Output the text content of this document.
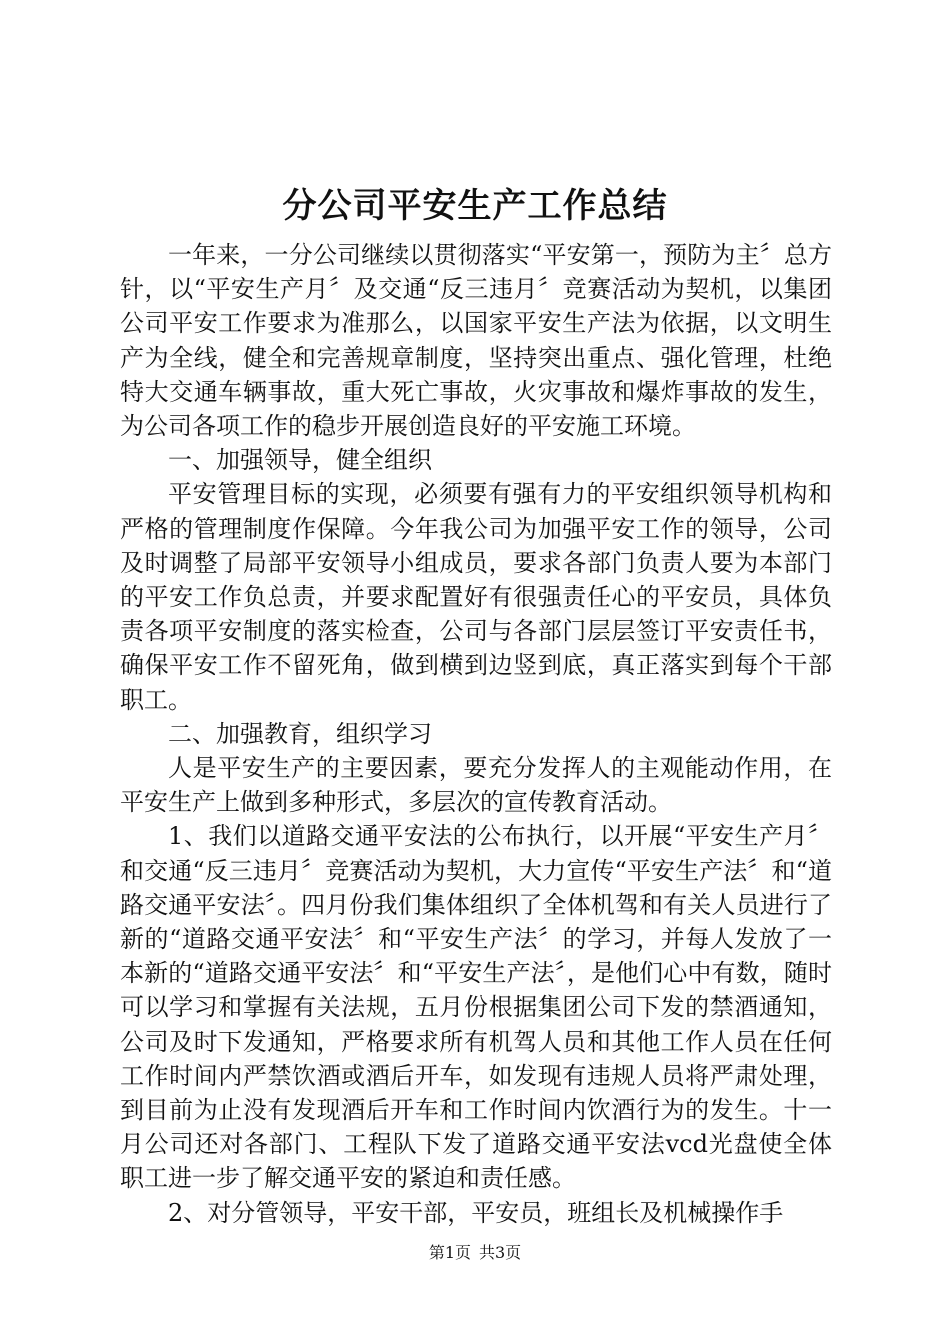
分公司平安生产工作总结

一年来，一分公司继续以贯彻落实“平安第一，预防为主〞总方针，以“平安生产月〞及交通“反三违月〞竞赛活动为契机，以集团公司平安工作要求为准那么，以国家平安生产法为依据，以文明生产为全线，健全和完善规章制度，坚持突出重点、强化管理，杜绝特大交通车辆事故，重大死亡事故，火灾事故和爆炸事故的发生，为公司各项工作的稳步开展创造良好的平安施工环境。

一、加强领导，健全组织

平安管理目标的实现，必须要有强有力的平安组织领导机构和严格的管理制度作保障。今年我公司为加强平安工作的领导，公司及时调整了局部平安领导小组成员，要求各部门负责人要为本部门的平安工作负总责，并要求配置好有很强责任心的平安员，具体负责各项平安制度的落实检查，公司与各部门层层签订平安责任书，确保平安工作不留死角，做到横到边竖到底，真正落实到每个干部职工。

二、加强教育，组织学习

人是平安生产的主要因素，要充分发挥人的主观能动作用，在平安生产上做到多种形式，多层次的宣传教育活动。

1、我们以道路交通平安法的公布执行，以开展“平安生产月〞和交通“反三违月〞竞赛活动为契机，大力宣传“平安生产法〞和“道路交通平安法〞。四月份我们集体组织了全体机驾和有关人员进行了新的“道路交通平安法〞和“平安生产法〞的学习，并每人发放了一本新的“道路交通平安法〞和“平安生产法〞，是他们心中有数，随时可以学习和掌握有关法规，五月份根据集团公司下发的禁酒通知，公司及时下发通知，严格要求所有机驾人员和其他工作人员在任何工作时间内严禁饮酒或酒后开车，如发现有违规人员将严肃处理，到目前为止没有发现酒后开车和工作时间内饮酒行为的发生。十一月公司还对各部门、工程队下发了道路交通平安法vcd光盘使全体职工进一步了解交通平安的紧迫和责任感。

2、对分管领导，平安干部，平安员，班组长及机械操作手

第1页 共3页
